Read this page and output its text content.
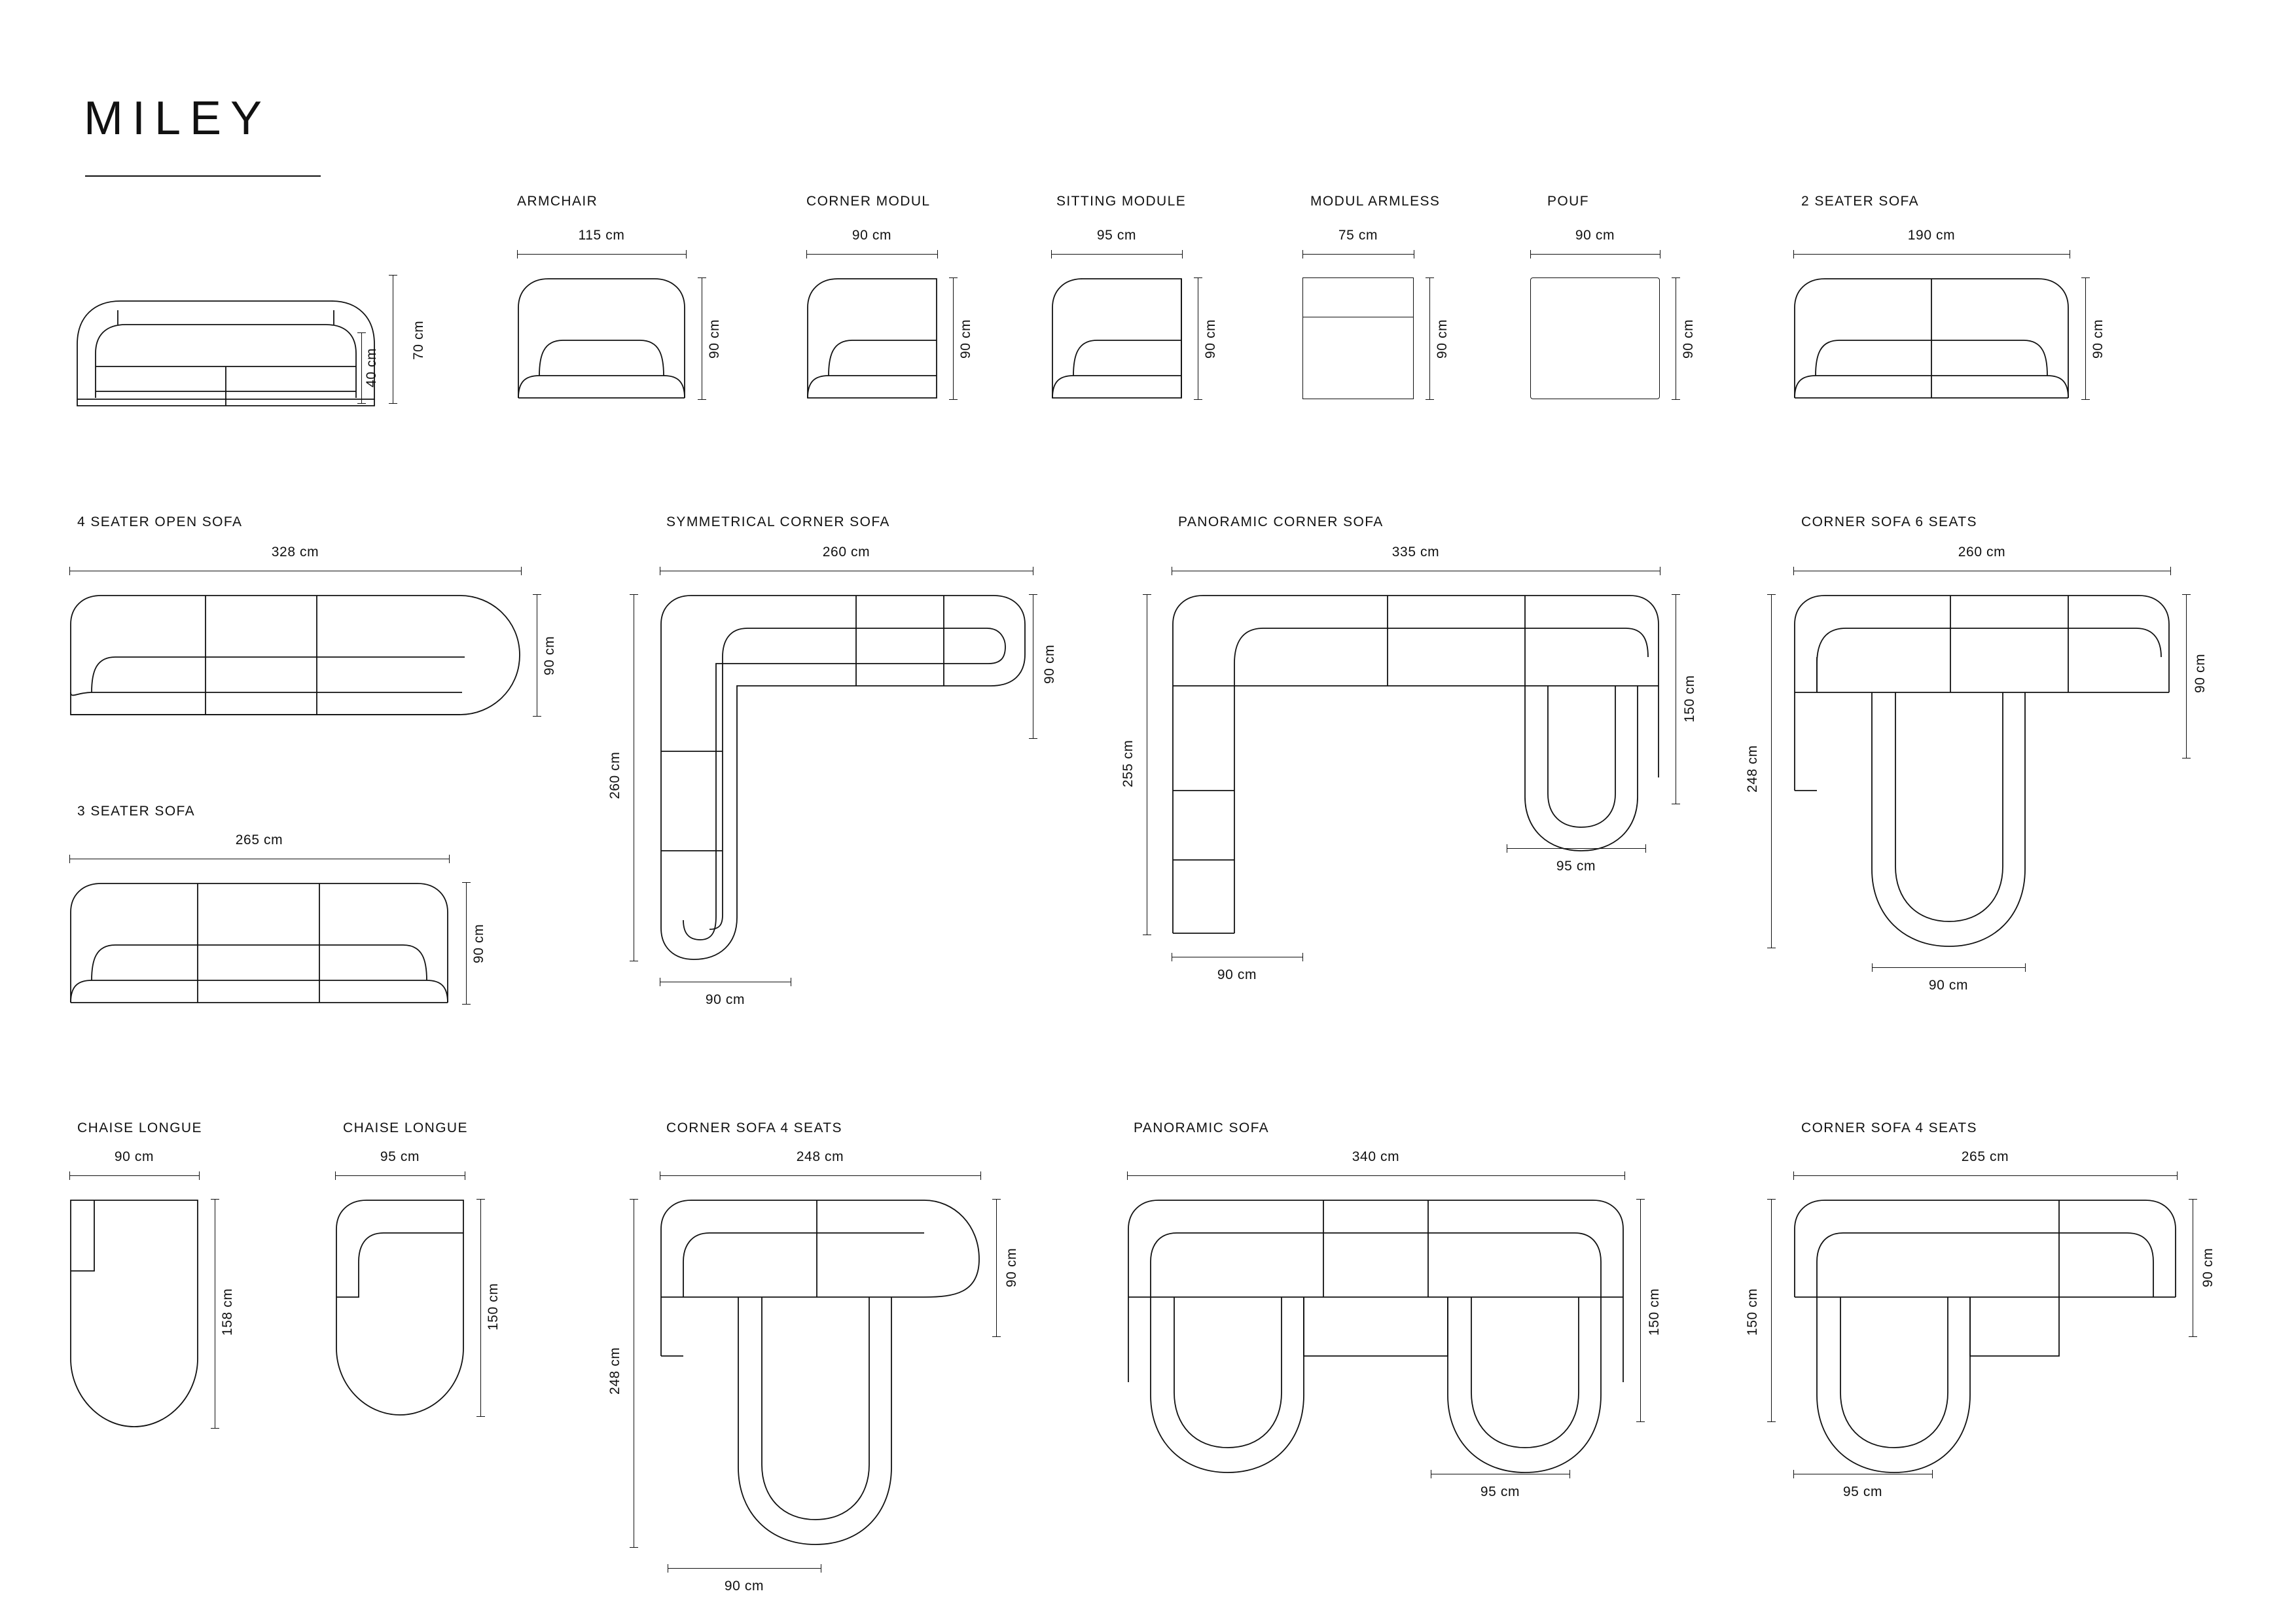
MILEY
70 cm
40 cm
ARMCHAIR
115 cm
90 cm
CORNER MODUL
90 cm
90 cm
SITTING MODULE
95 cm
90 cm
MODUL ARMLESS
75 cm
90 cm
POUF
90 cm
90 cm
2 SEATER SOFA
190 cm
90 cm
4 SEATER OPEN SOFA
328 cm
90 cm
3 SEATER SOFA
265 cm
90 cm
SYMMETRICAL CORNER SOFA
260 cm
260 cm
90 cm
90 cm
PANORAMIC CORNER SOFA
335 cm
255 cm
150 cm
90 cm
95 cm
CORNER SOFA 6 SEATS
260 cm
248 cm
90 cm
90 cm
CHAISE LONGUE
90 cm
158 cm
CHAISE LONGUE
95 cm
150 cm
CORNER SOFA 4 SEATS
248 cm
248 cm
90 cm
90 cm
PANORAMIC SOFA
340 cm
150 cm
95 cm
CORNER SOFA 4 SEATS
265 cm
150 cm
90 cm
95 cm
